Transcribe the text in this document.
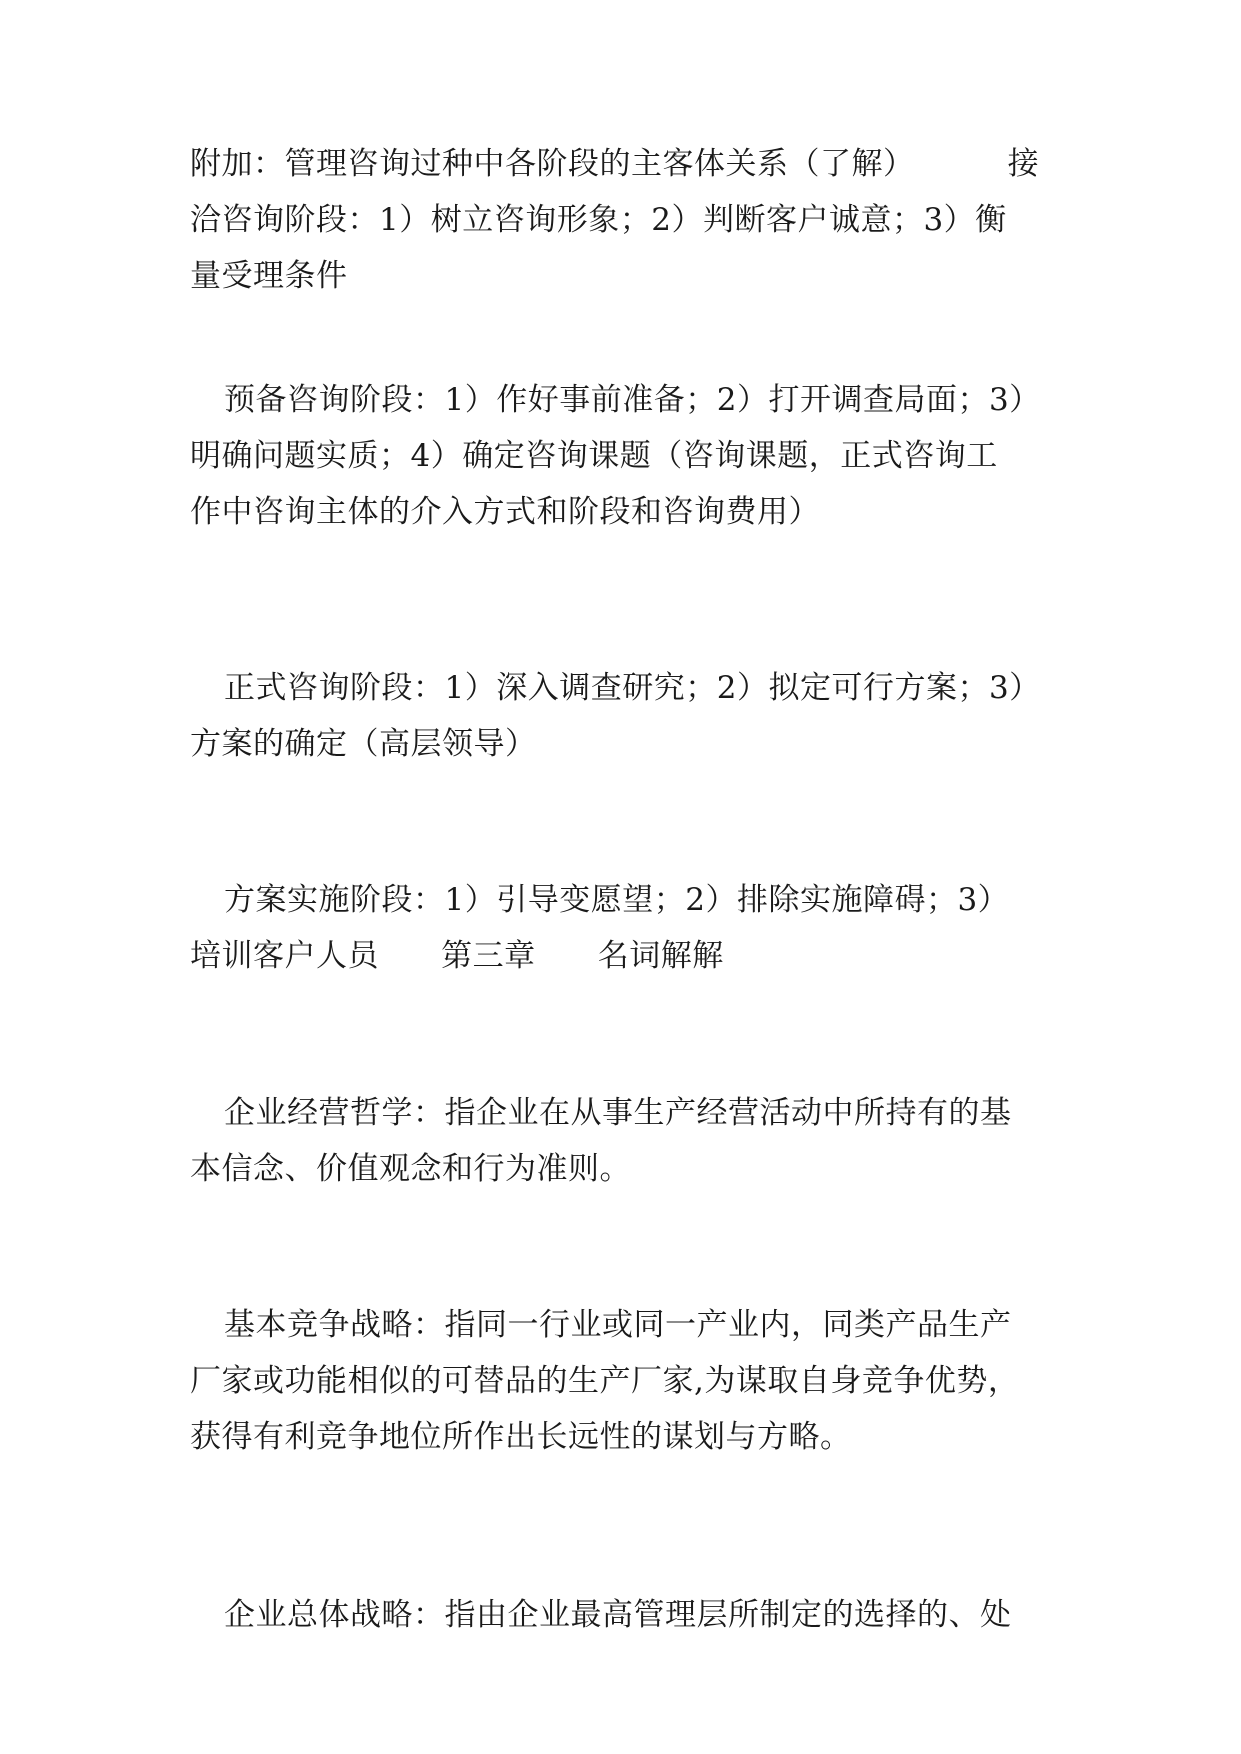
附加：管理咨询过种中各阶段的主客体关系（了解）         接
洽咨询阶段：1）树立咨询形象；2）判断客户诚意；3）衡
量受理条件
预备咨询阶段：1）作好事前准备；2）打开调查局面；3）
明确问题实质；4）确定咨询课题（咨询课题，正式咨询工
作中咨询主体的介入方式和阶段和咨询费用）
正式咨询阶段：1）深入调查研究；2）拟定可行方案；3）
方案的确定（高层领导）
方案实施阶段：1）引导变愿望；2）排除实施障碍；3）
培训客户人员      第三章      名词解解
企业经营哲学：指企业在从事生产经营活动中所持有的基
本信念、价值观念和行为准则。
基本竞争战略：指同一行业或同一产业内，同类产品生产
厂家或功能相似的可替品的生产厂家,为谋取自身竞争优势，
获得有利竞争地位所作出长远性的谋划与方略。
企业总体战略：指由企业最高管理层所制定的选择的、处
